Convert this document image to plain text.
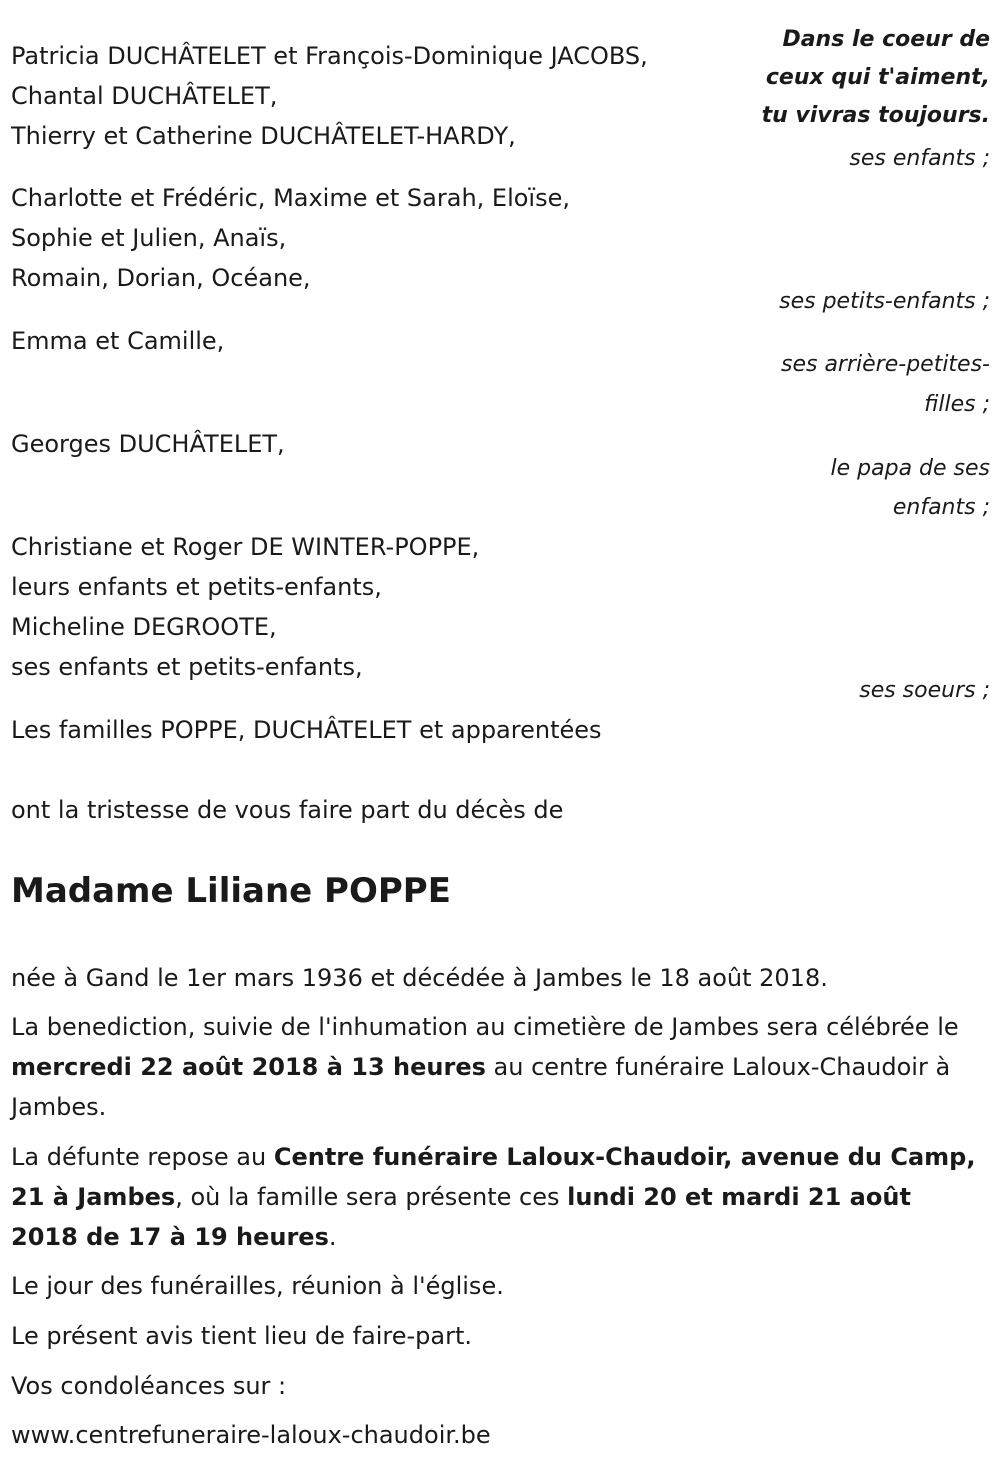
Dans le coeur de
ceux qui t'aiment,
tu vivras toujours.
Patricia DUCHÂTELET et François-Dominique JACOBS,
Chantal DUCHÂTELET,
Thierry et Catherine DUCHÂTELET-HARDY,
ses enfants ;
Charlotte et Frédéric, Maxime et Sarah, Eloïse,
Sophie et Julien, Anaïs,
Romain, Dorian, Océane,
ses petits-enfants ;
Emma et Camille,
ses arrière-petites-
filles ;
Georges DUCHÂTELET,
le papa de ses
enfants ;
Christiane et Roger DE WINTER-POPPE,
leurs enfants et petits-enfants,
Micheline DEGROOTE,
ses enfants et petits-enfants,
ses soeurs ;
Les familles POPPE, DUCHÂTELET et apparentées
ont la tristesse de vous faire part du décès de
Madame Liliane POPPE
née à Gand le 1er mars 1936 et décédée à Jambes le 18 août 2018.
La benediction, suivie de l'inhumation au cimetière de Jambes sera célébrée le mercredi 22 août 2018 à 13 heures au centre funéraire Laloux-Chaudoir à Jambes.
La défunte repose au Centre funéraire Laloux-Chaudoir, avenue du Camp, 21 à Jambes, où la famille sera présente ces lundi 20 et mardi 21 août 2018 de 17 à 19 heures.
Le jour des funérailles, réunion à l'église.
Le présent avis tient lieu de faire-part.
Vos condoléances sur :
www.centrefuneraire-laloux-chaudoir.be
